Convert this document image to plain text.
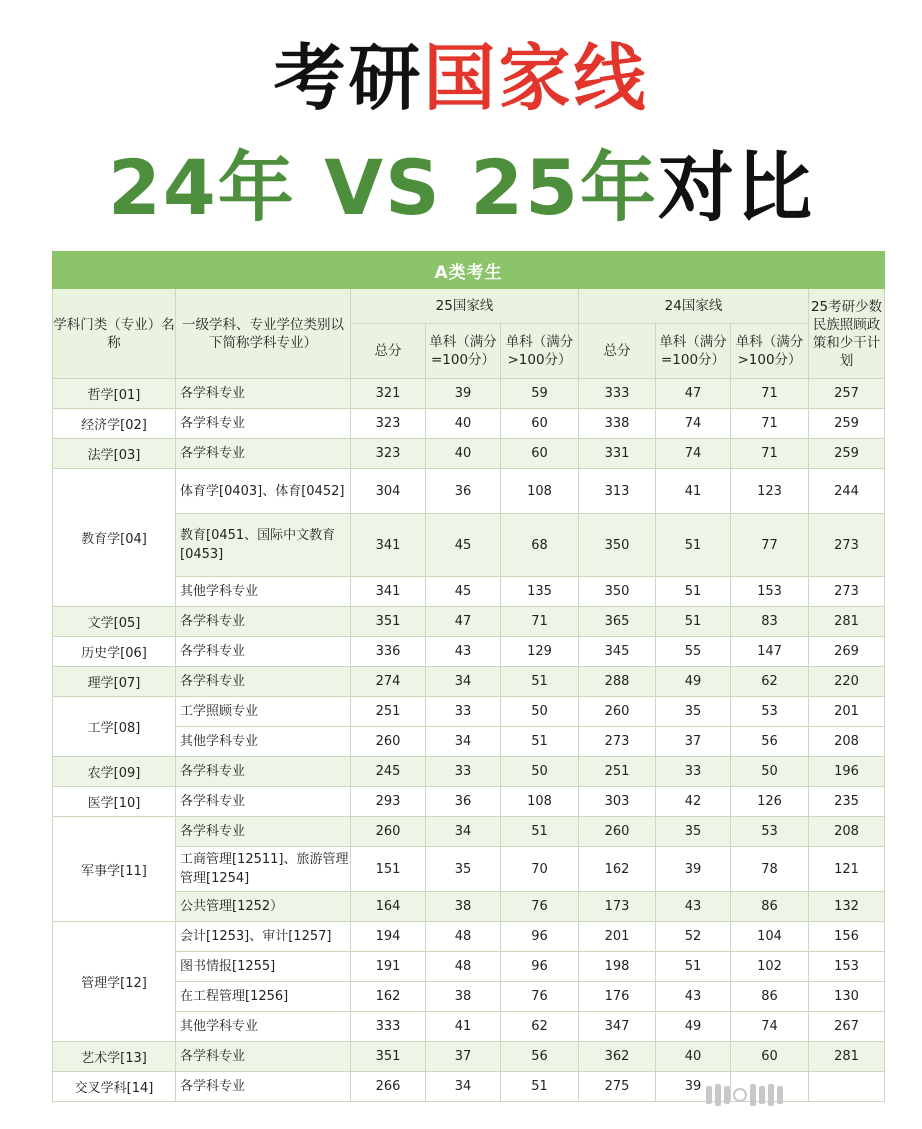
考研国家线
24年 VS 25年对比
A类考生								
学科门类（专业）名称	一级学科、专业学位类别以下简称学科专业）	25国家线			24国家线			25考研少数民族照顾政策和少干计划
		总分	单科（满分=100分）	单科（满分>100分）	总分	单科（满分=100分）	单科（满分>100分）	
哲学[01]	各学科专业	321	39	59	333	47	71	257
经济学[02]	各学科专业	323	40	60	338	74	71	259
法学[03]	各学科专业	323	40	60	331	74	71	259
教育学[04]	体育学[0403]、体育[0452]	304	36	108	313	41	123	244
	教育[0451、国际中文教育[0453]	341	45	68	350	51	77	273
	其他学科专业	341	45	135	350	51	153	273
文学[05]	各学科专业	351	47	71	365	51	83	281
历史学[06]	各学科专业	336	43	129	345	55	147	269
理学[07]	各学科专业	274	34	51	288	49	62	220
工学[08]	工学照顾专业	251	33	50	260	35	53	201
	其他学科专业	260	34	51	273	37	56	208
农学[09]	各学科专业	245	33	50	251	33	50	196
医学[10]	各学科专业	293	36	108	303	42	126	235
军事学[11]	各学科专业	260	34	51	260	35	53	208
	工商管理[12511]、旅游管理管理[1254]	151	35	70	162	39	78	121
	公共管理[1252）	164	38	76	173	43	86	132
管理学[12]	会计[1253]、审计[1257]	194	48	96	201	52	104	156
	图书情报[1255]	191	48	96	198	51	102	153
	在工程管理[1256]	162	38	76	176	43	86	130
	其他学科专业	333	41	62	347	49	74	267
艺术学[13]	各学科专业	351	37	56	362	40	60	281
交叉学科[14]	各学科专业	266	34	51	275	39		
